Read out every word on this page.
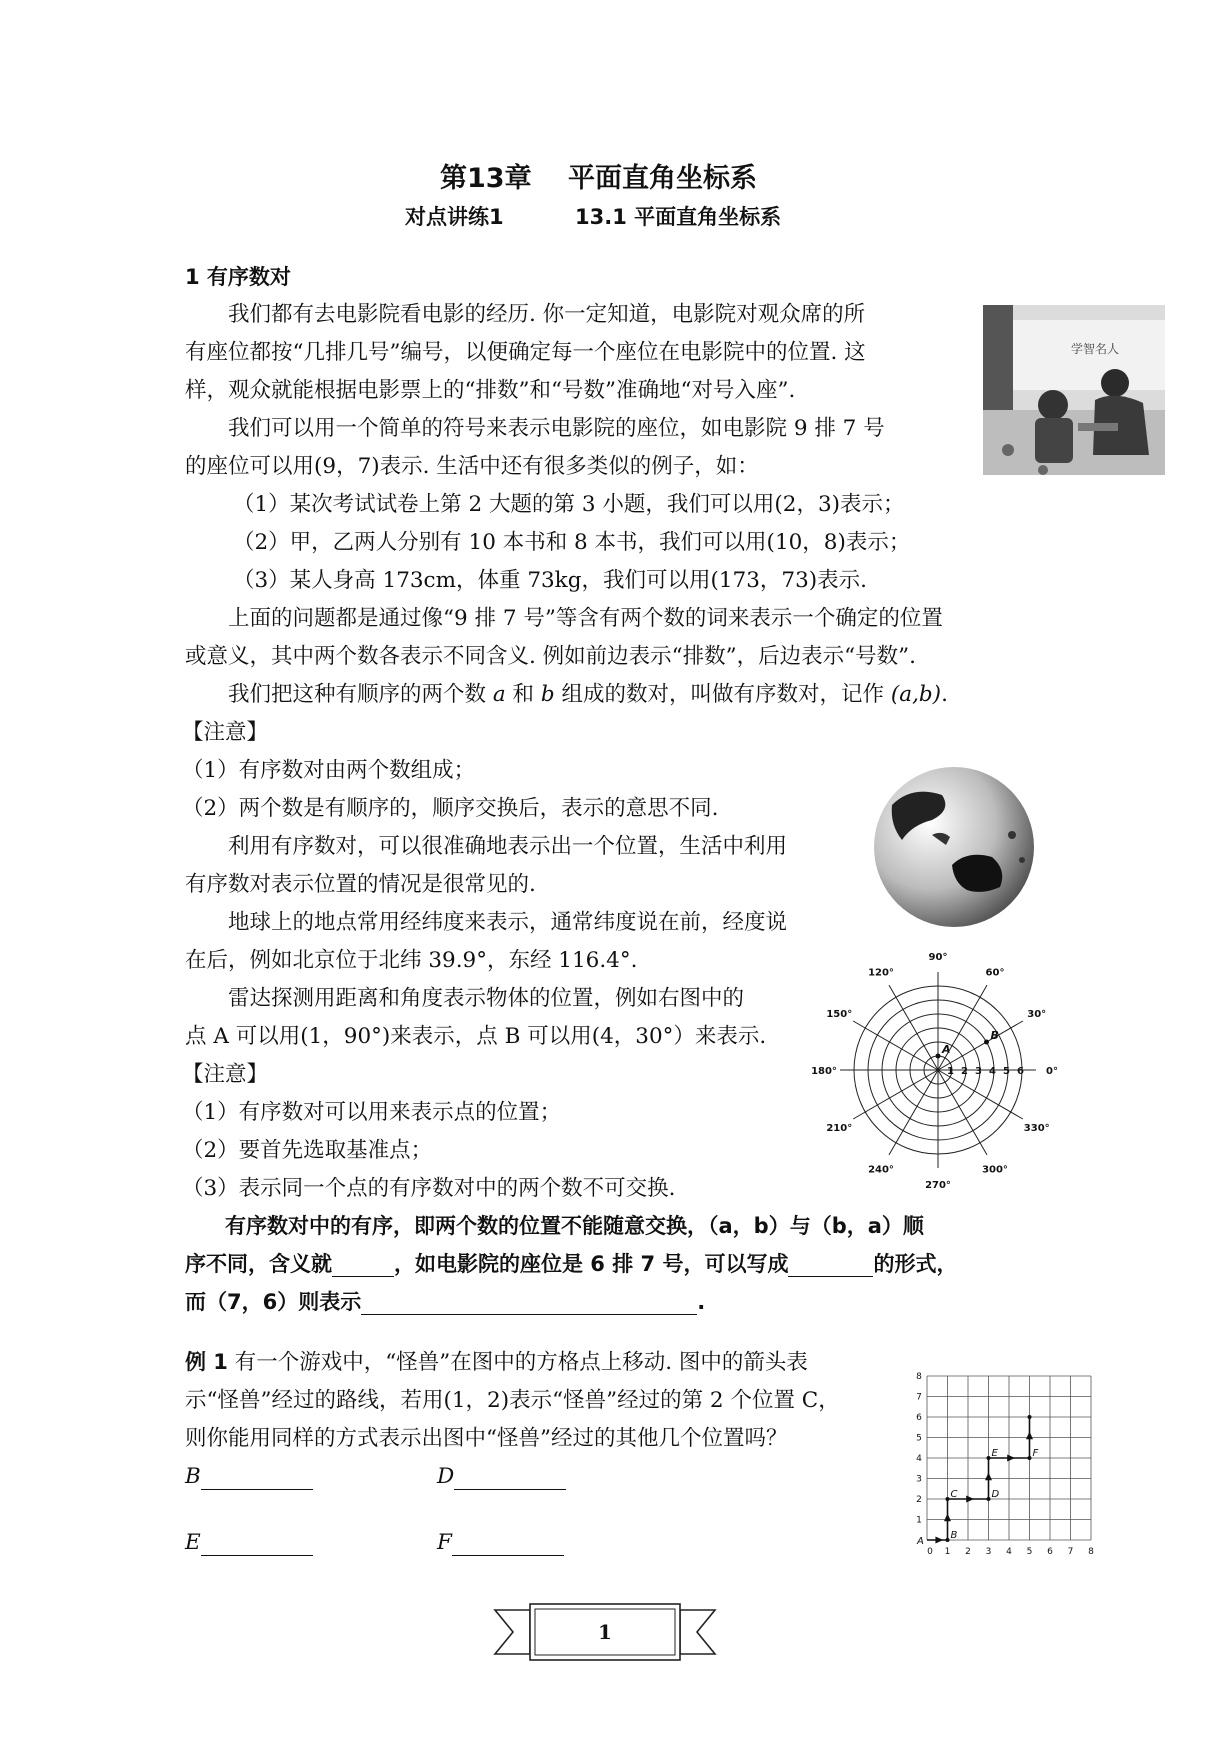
第13章　 平面直角坐标系
对点讲练1	13.1 平面直角坐标系
1 有序数对
我们都有去电影院看电影的经历. 你一定知道，电影院对观众席的所
有座位都按“几排几号”编号，以便确定每一个座位在电影院中的位置. 这
样，观众就能根据电影票上的“排数”和“号数”准确地“对号入座”.
我们可以用一个简单的符号来表示电影院的座位，如电影院 9 排 7 号
的座位可以用(9，7)表示. 生活中还有很多类似的例子，如：
（1）某次考试试卷上第 2 大题的第 3 小题，我们可以用(2，3)表示；
（2）甲，乙两人分别有 10 本书和 8 本书，我们可以用(10，8)表示；
（3）某人身高 173cm，体重 73kg，我们可以用(173，73)表示.
上面的问题都是通过像“9 排 7 号”等含有两个数的词来表示一个确定的位置
或意义，其中两个数各表示不同含义. 例如前边表示“排数”，后边表示“号数”.
我们把这种有顺序的两个数 a 和 b 组成的数对，叫做有序数对，记作 (a,b).
【注意】
（1）有序数对由两个数组成；
（2）两个数是有顺序的，顺序交换后，表示的意思不同.
利用有序数对，可以很准确地表示出一个位置，生活中利用
有序数对表示位置的情况是很常见的.
地球上的地点常用经纬度来表示，通常纬度说在前，经度说
在后，例如北京位于北纬 39.9°，东经 116.4°.
雷达探测用距离和角度表示物体的位置，例如右图中的
点 A 可以用(1，90°)来表示，点 B 可以用(4，30°）来表示.
【注意】
（1）有序数对可以用来表示点的位置；
（2）要首先选取基准点；
（3）表示同一个点的有序数对中的两个数不可交换.
有序数对中的有序，即两个数的位置不能随意交换，（a，b）与（b，a）顺
序不同，含义就	，如电影院的座位是 6 排 7 号，可以写成	的形式，
而（7，6）则表示	.
例 1 有一个游戏中，“怪兽”在图中的方格点上移动. 图中的箭头表
示“怪兽”经过的路线，若用(1，2)表示“怪兽”经过的第 2 个位置 C，
则你能用同样的方式表示出图中“怪兽”经过的其他几个位置吗？
B	D
E	F
学智名人
90°
60°
30°
0°
330°
300°
270°
240°
210°
180°
150°
120°
1 2 3 4 5 6
A
B
0 1
1
2
2
3
3
4
4
5
5
6
6
7
7
8
8
A
B
C	D
E	F
1
